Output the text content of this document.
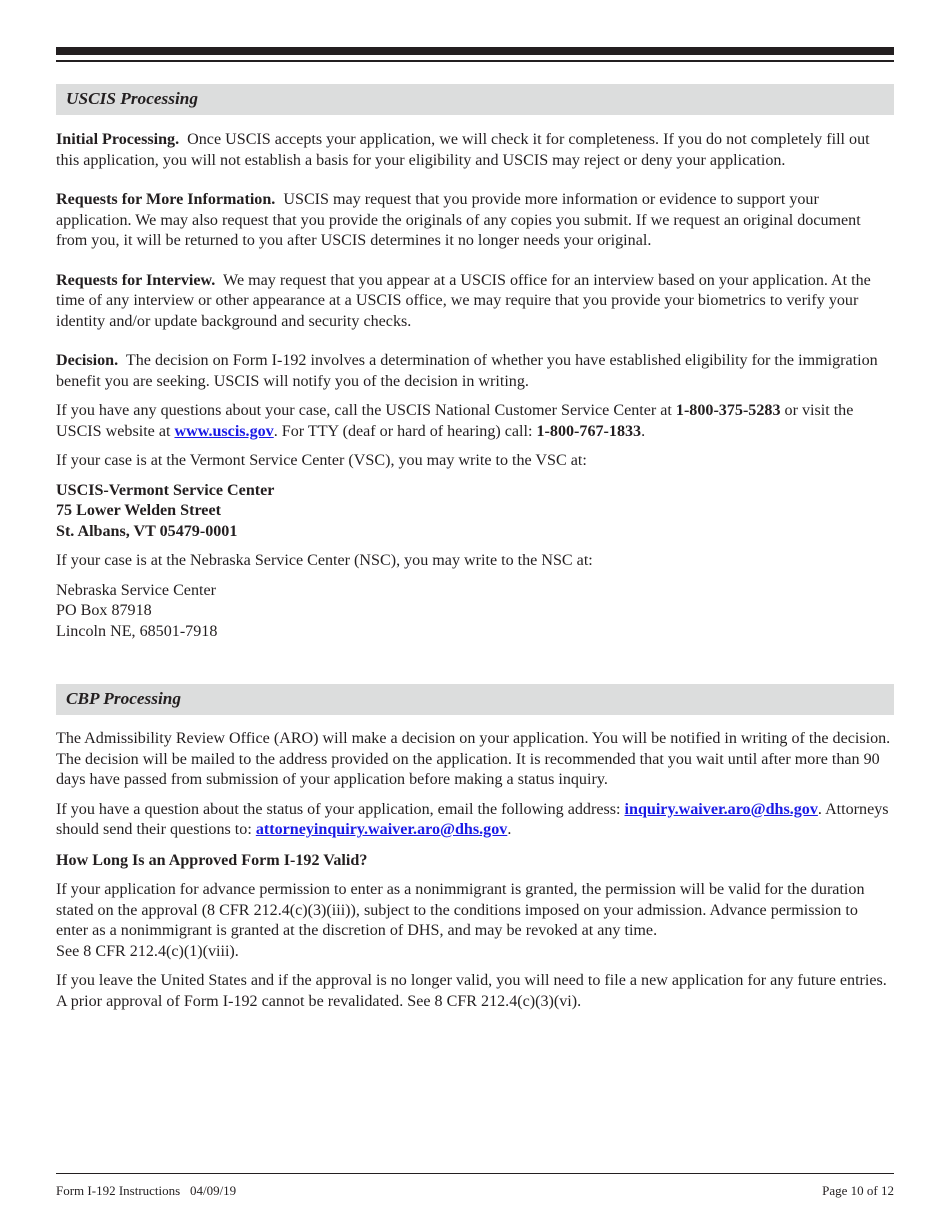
USCIS Processing

Initial Processing. Once USCIS accepts your application, we will check it for completeness. If you do not completely fill out this application, you will not establish a basis for your eligibility and USCIS may reject or deny your application.

Requests for More Information. USCIS may request that you provide more information or evidence to support your application. We may also request that you provide the originals of any copies you submit. If we request an original document from you, it will be returned to you after USCIS determines it no longer needs your original.

Requests for Interview. We may request that you appear at a USCIS office for an interview based on your application. At the time of any interview or other appearance at a USCIS office, we may require that you provide your biometrics to verify your identity and/or update background and security checks.

Decision. The decision on Form I-192 involves a determination of whether you have established eligibility for the immigration benefit you are seeking. USCIS will notify you of the decision in writing.

If you have any questions about your case, call the USCIS National Customer Service Center at 1-800-375-5283 or visit the USCIS website at www.uscis.gov. For TTY (deaf or hard of hearing) call: 1-800-767-1833.

If your case is at the Vermont Service Center (VSC), you may write to the VSC at:

USCIS-Vermont Service Center
75 Lower Welden Street
St. Albans, VT 05479-0001

If your case is at the Nebraska Service Center (NSC), you may write to the NSC at:

Nebraska Service Center
PO Box 87918
Lincoln NE, 68501-7918
CBP Processing

The Admissibility Review Office (ARO) will make a decision on your application. You will be notified in writing of the decision. The decision will be mailed to the address provided on the application. It is recommended that you wait until after more than 90 days have passed from submission of your application before making a status inquiry.

If you have a question about the status of your application, email the following address: inquiry.waiver.aro@dhs.gov. Attorneys should send their questions to: attorneyinquiry.waiver.aro@dhs.gov.

How Long Is an Approved Form I-192 Valid?

If your application for advance permission to enter as a nonimmigrant is granted, the permission will be valid for the duration stated on the approval (8 CFR 212.4(c)(3)(iii)), subject to the conditions imposed on your admission. Advance permission to enter as a nonimmigrant is granted at the discretion of DHS, and may be revoked at any time.
See 8 CFR 212.4(c)(1)(viii).

If you leave the United States and if the approval is no longer valid, you will need to file a new application for any future entries. A prior approval of Form I-192 cannot be revalidated. See 8 CFR 212.4(c)(3)(vi).

Form I-192 Instructions   04/09/19	Page 10 of 12
